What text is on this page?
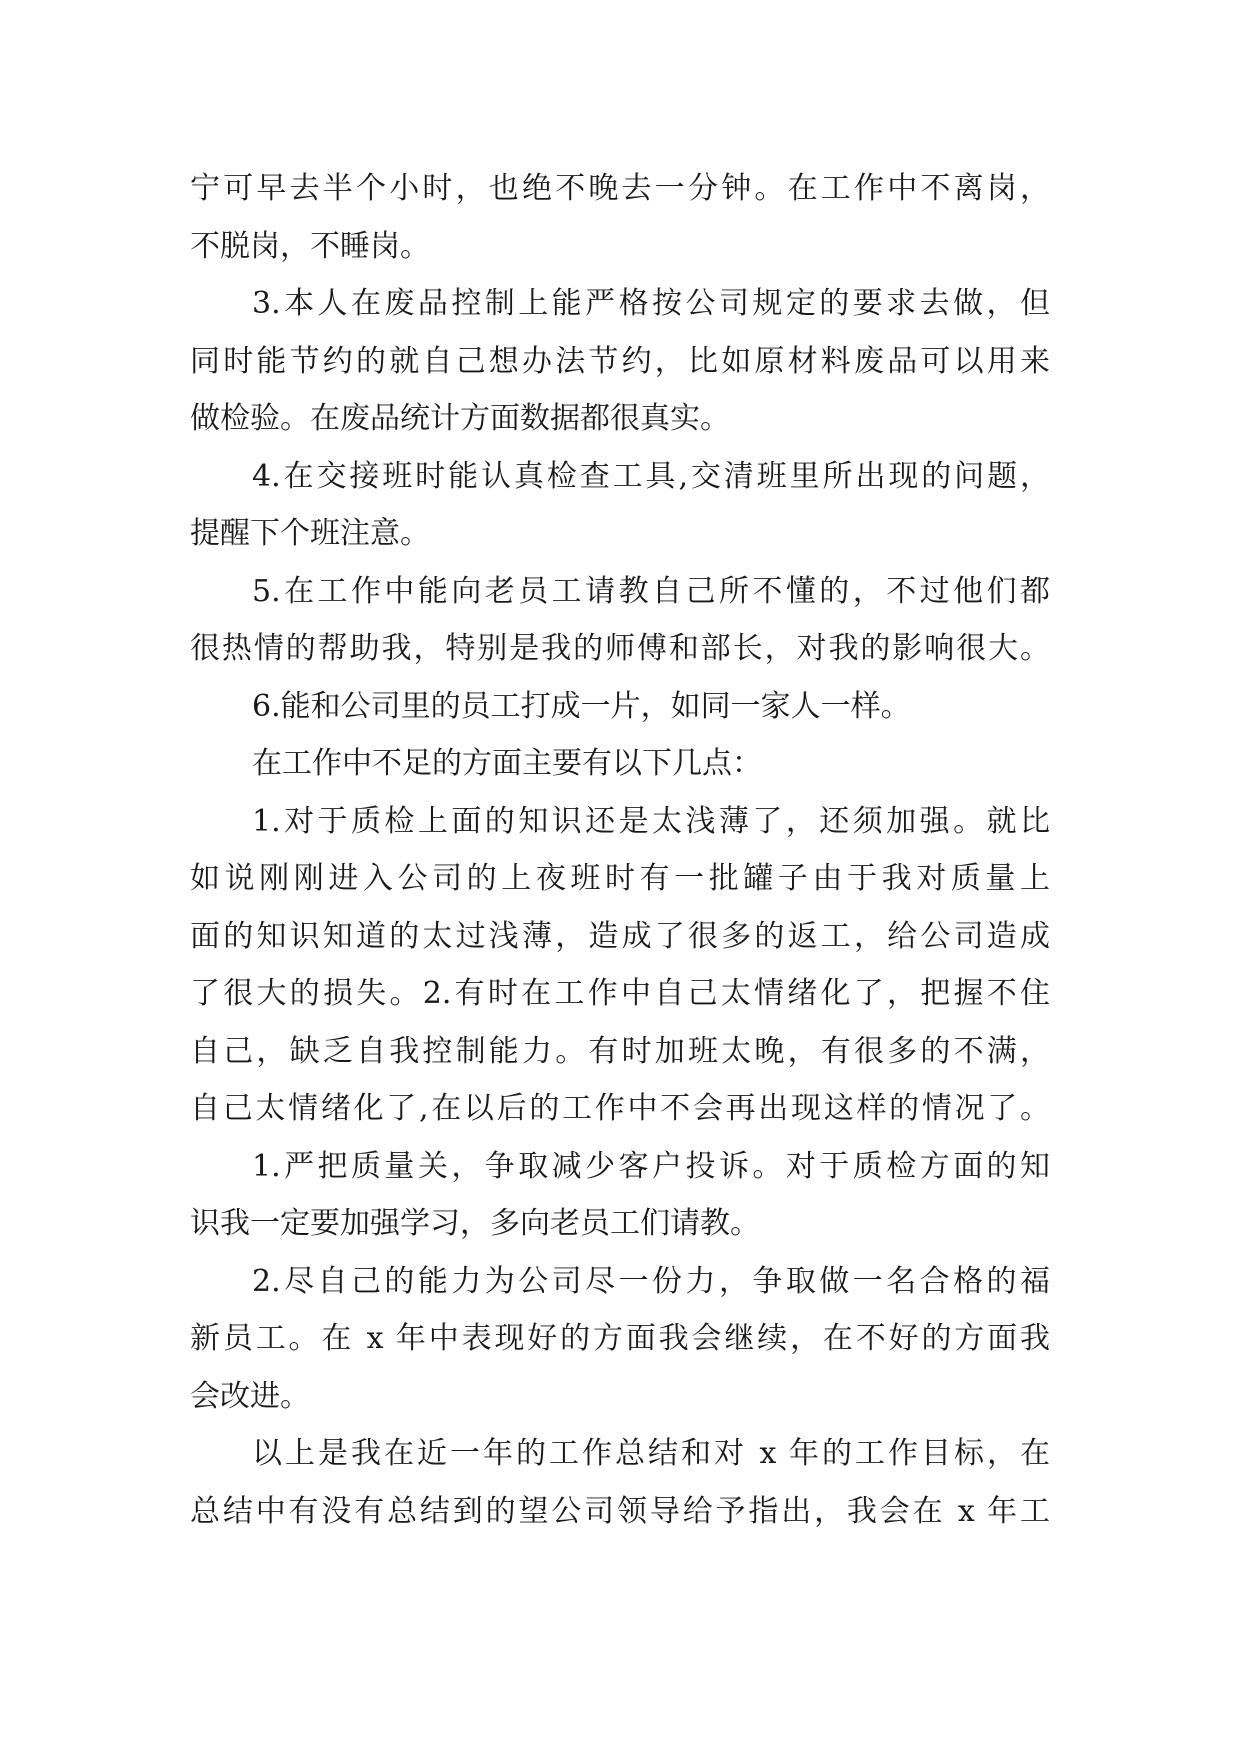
宁可早去半个小时，也绝不晚去一分钟。在工作中不离岗，
不脱岗，不睡岗。
3.本人在废品控制上能严格按公司规定的要求去做，但
同时能节约的就自己想办法节约，比如原材料废品可以用来
做检验。在废品统计方面数据都很真实。
4.在交接班时能认真检查工具,交清班里所出现的问题，
提醒下个班注意。
5.在工作中能向老员工请教自己所不懂的，不过他们都
很热情的帮助我，特别是我的师傅和部长，对我的影响很大。
6.能和公司里的员工打成一片，如同一家人一样。
在工作中不足的方面主要有以下几点：
1.对于质检上面的知识还是太浅薄了，还须加强。就比
如说刚刚进入公司的上夜班时有一批罐子由于我对质量上
面的知识知道的太过浅薄，造成了很多的返工，给公司造成
了很大的损失。2.有时在工作中自己太情绪化了，把握不住
自己，缺乏自我控制能力。有时加班太晚，有很多的不满，
自己太情绪化了,在以后的工作中不会再出现这样的情况了。
1.严把质量关，争取减少客户投诉。对于质检方面的知
识我一定要加强学习，多向老员工们请教。
2.尽自己的能力为公司尽一份力，争取做一名合格的福
新员工。在 x 年中表现好的方面我会继续，在不好的方面我
会改进。
以上是我在近一年的工作总结和对 x 年的工作目标，在
总结中有没有总结到的望公司领导给予指出，我会在 x 年工
